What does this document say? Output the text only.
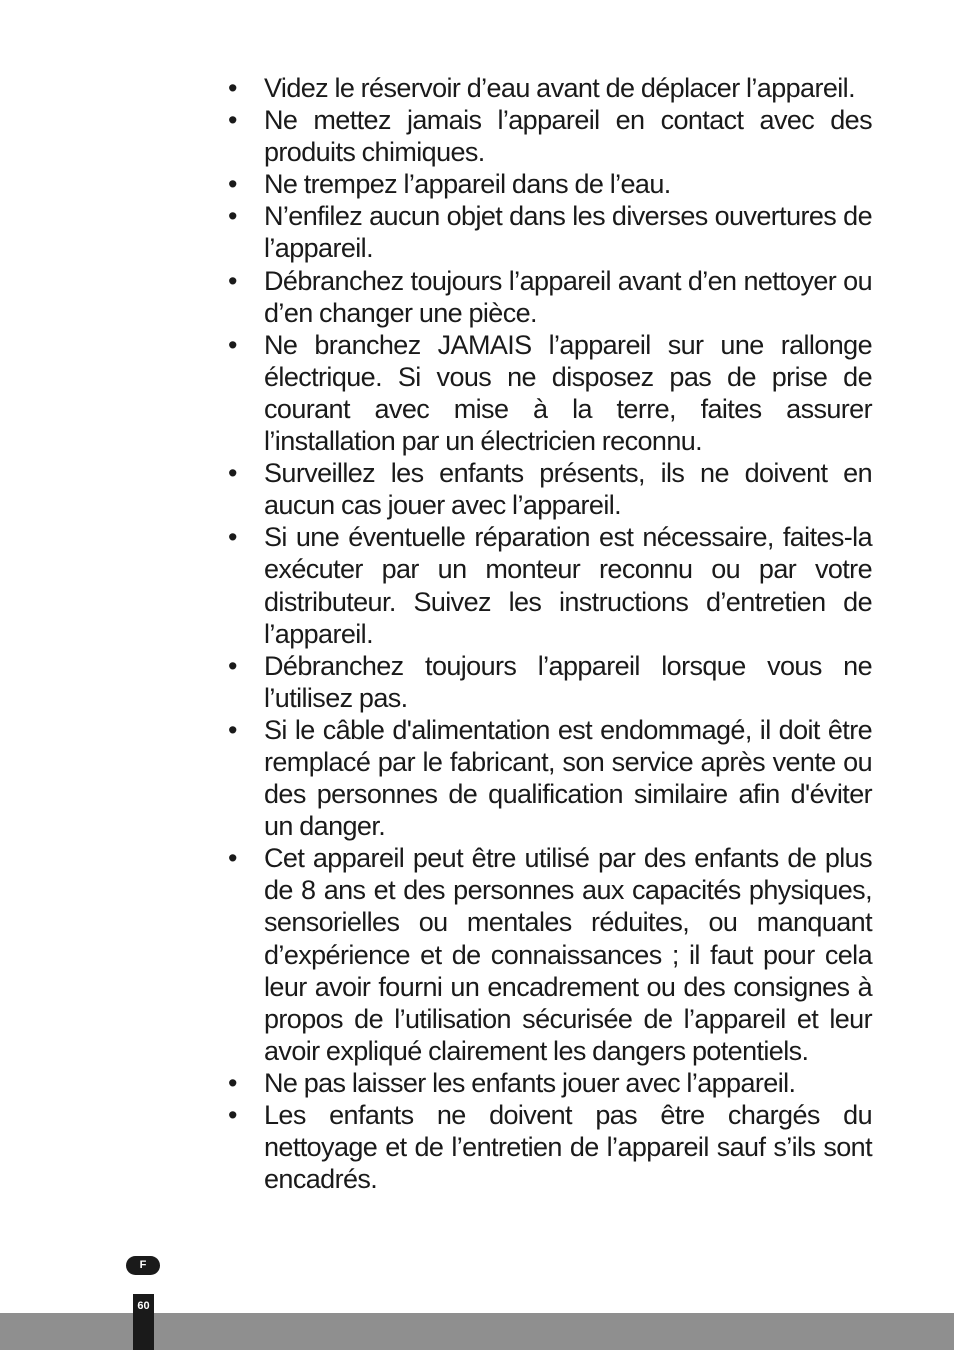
• Videz le réservoir d’eau avant de déplacer l’appareil.
• Ne mettez jamais l’appareil en contact avec des produits chimiques.
• Ne trempez l’appareil dans de l’eau.
• N’enfilez aucun objet dans les diverses ouvertures de l’appareil.
• Débranchez toujours l’appareil avant d’en nettoyer ou d’en changer une pièce.
• Ne branchez JAMAIS l’appareil sur une rallonge électrique. Si vous ne disposez pas de prise de courant avec mise à la terre, faites assurer l’installation par un électricien reconnu.
• Surveillez les enfants présents, ils ne doivent en aucun cas jouer avec l’appareil.
• Si une éventuelle réparation est nécessaire, faites-la exécuter par un monteur reconnu ou par votre distributeur. Suivez les instructions d’entretien de l’appareil.
• Débranchez toujours l’appareil lorsque vous ne l’utilisez pas.
• Si le câble d'alimentation est endommagé, il doit être remplacé par le fabricant, son service après vente ou des personnes de qualification similaire afin d'éviter un danger.
• Cet appareil peut être utilisé par des enfants de plus de 8 ans et des personnes aux capacités physiques, sensorielles ou mentales réduites, ou manquant d’expérience et de connaissances ; il faut pour cela leur avoir fourni un encadrement ou des consignes à propos de l’utilisation sécurisée de l’appareil et leur avoir expliqué clairement les dangers potentiels.
• Ne pas laisser les enfants jouer avec l’appareil.
• Les enfants ne doivent pas être chargés du nettoyage et de l’entretien de l’appareil sauf s’ils sont encadrés.
F
60
